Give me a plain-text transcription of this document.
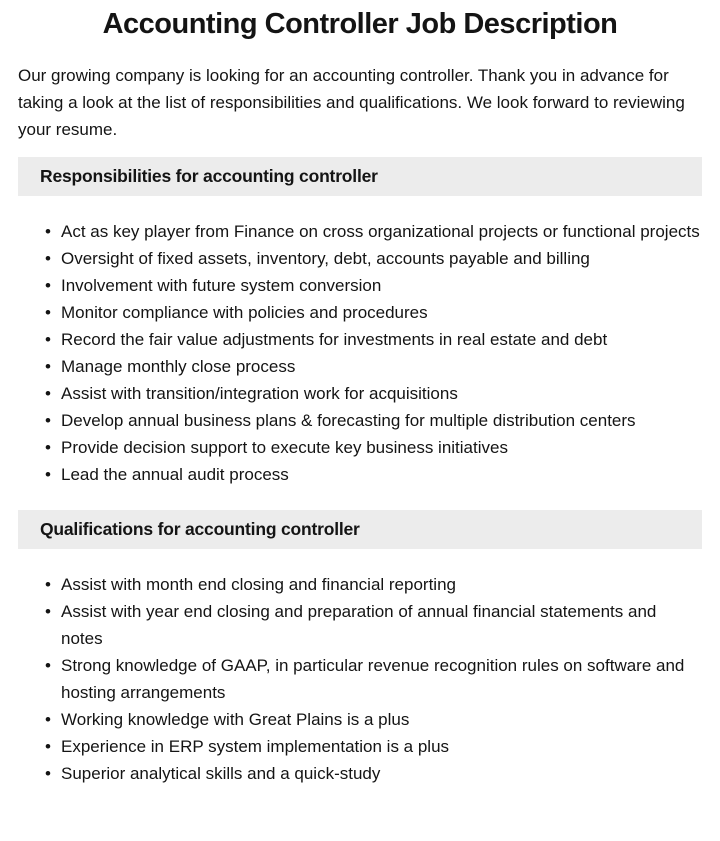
Accounting Controller Job Description

Our growing company is looking for an accounting controller. Thank you in advance for taking a look at the list of responsibilities and qualifications. We look forward to reviewing your resume.

Responsibilities for accounting controller
• Act as key player from Finance on cross organizational projects or functional projects
• Oversight of fixed assets, inventory, debt, accounts payable and billing
• Involvement with future system conversion
• Monitor compliance with policies and procedures
• Record the fair value adjustments for investments in real estate and debt
• Manage monthly close process
• Assist with transition/integration work for acquisitions
• Develop annual business plans & forecasting for multiple distribution centers
• Provide decision support to execute key business initiatives
• Lead the annual audit process
Qualifications for accounting controller
• Assist with month end closing and financial reporting
• Assist with year end closing and preparation of annual financial statements and notes
• Strong knowledge of GAAP, in particular revenue recognition rules on software and hosting arrangements
• Working knowledge with Great Plains is a plus
• Experience in ERP system implementation is a plus
• Superior analytical skills and a quick-study
